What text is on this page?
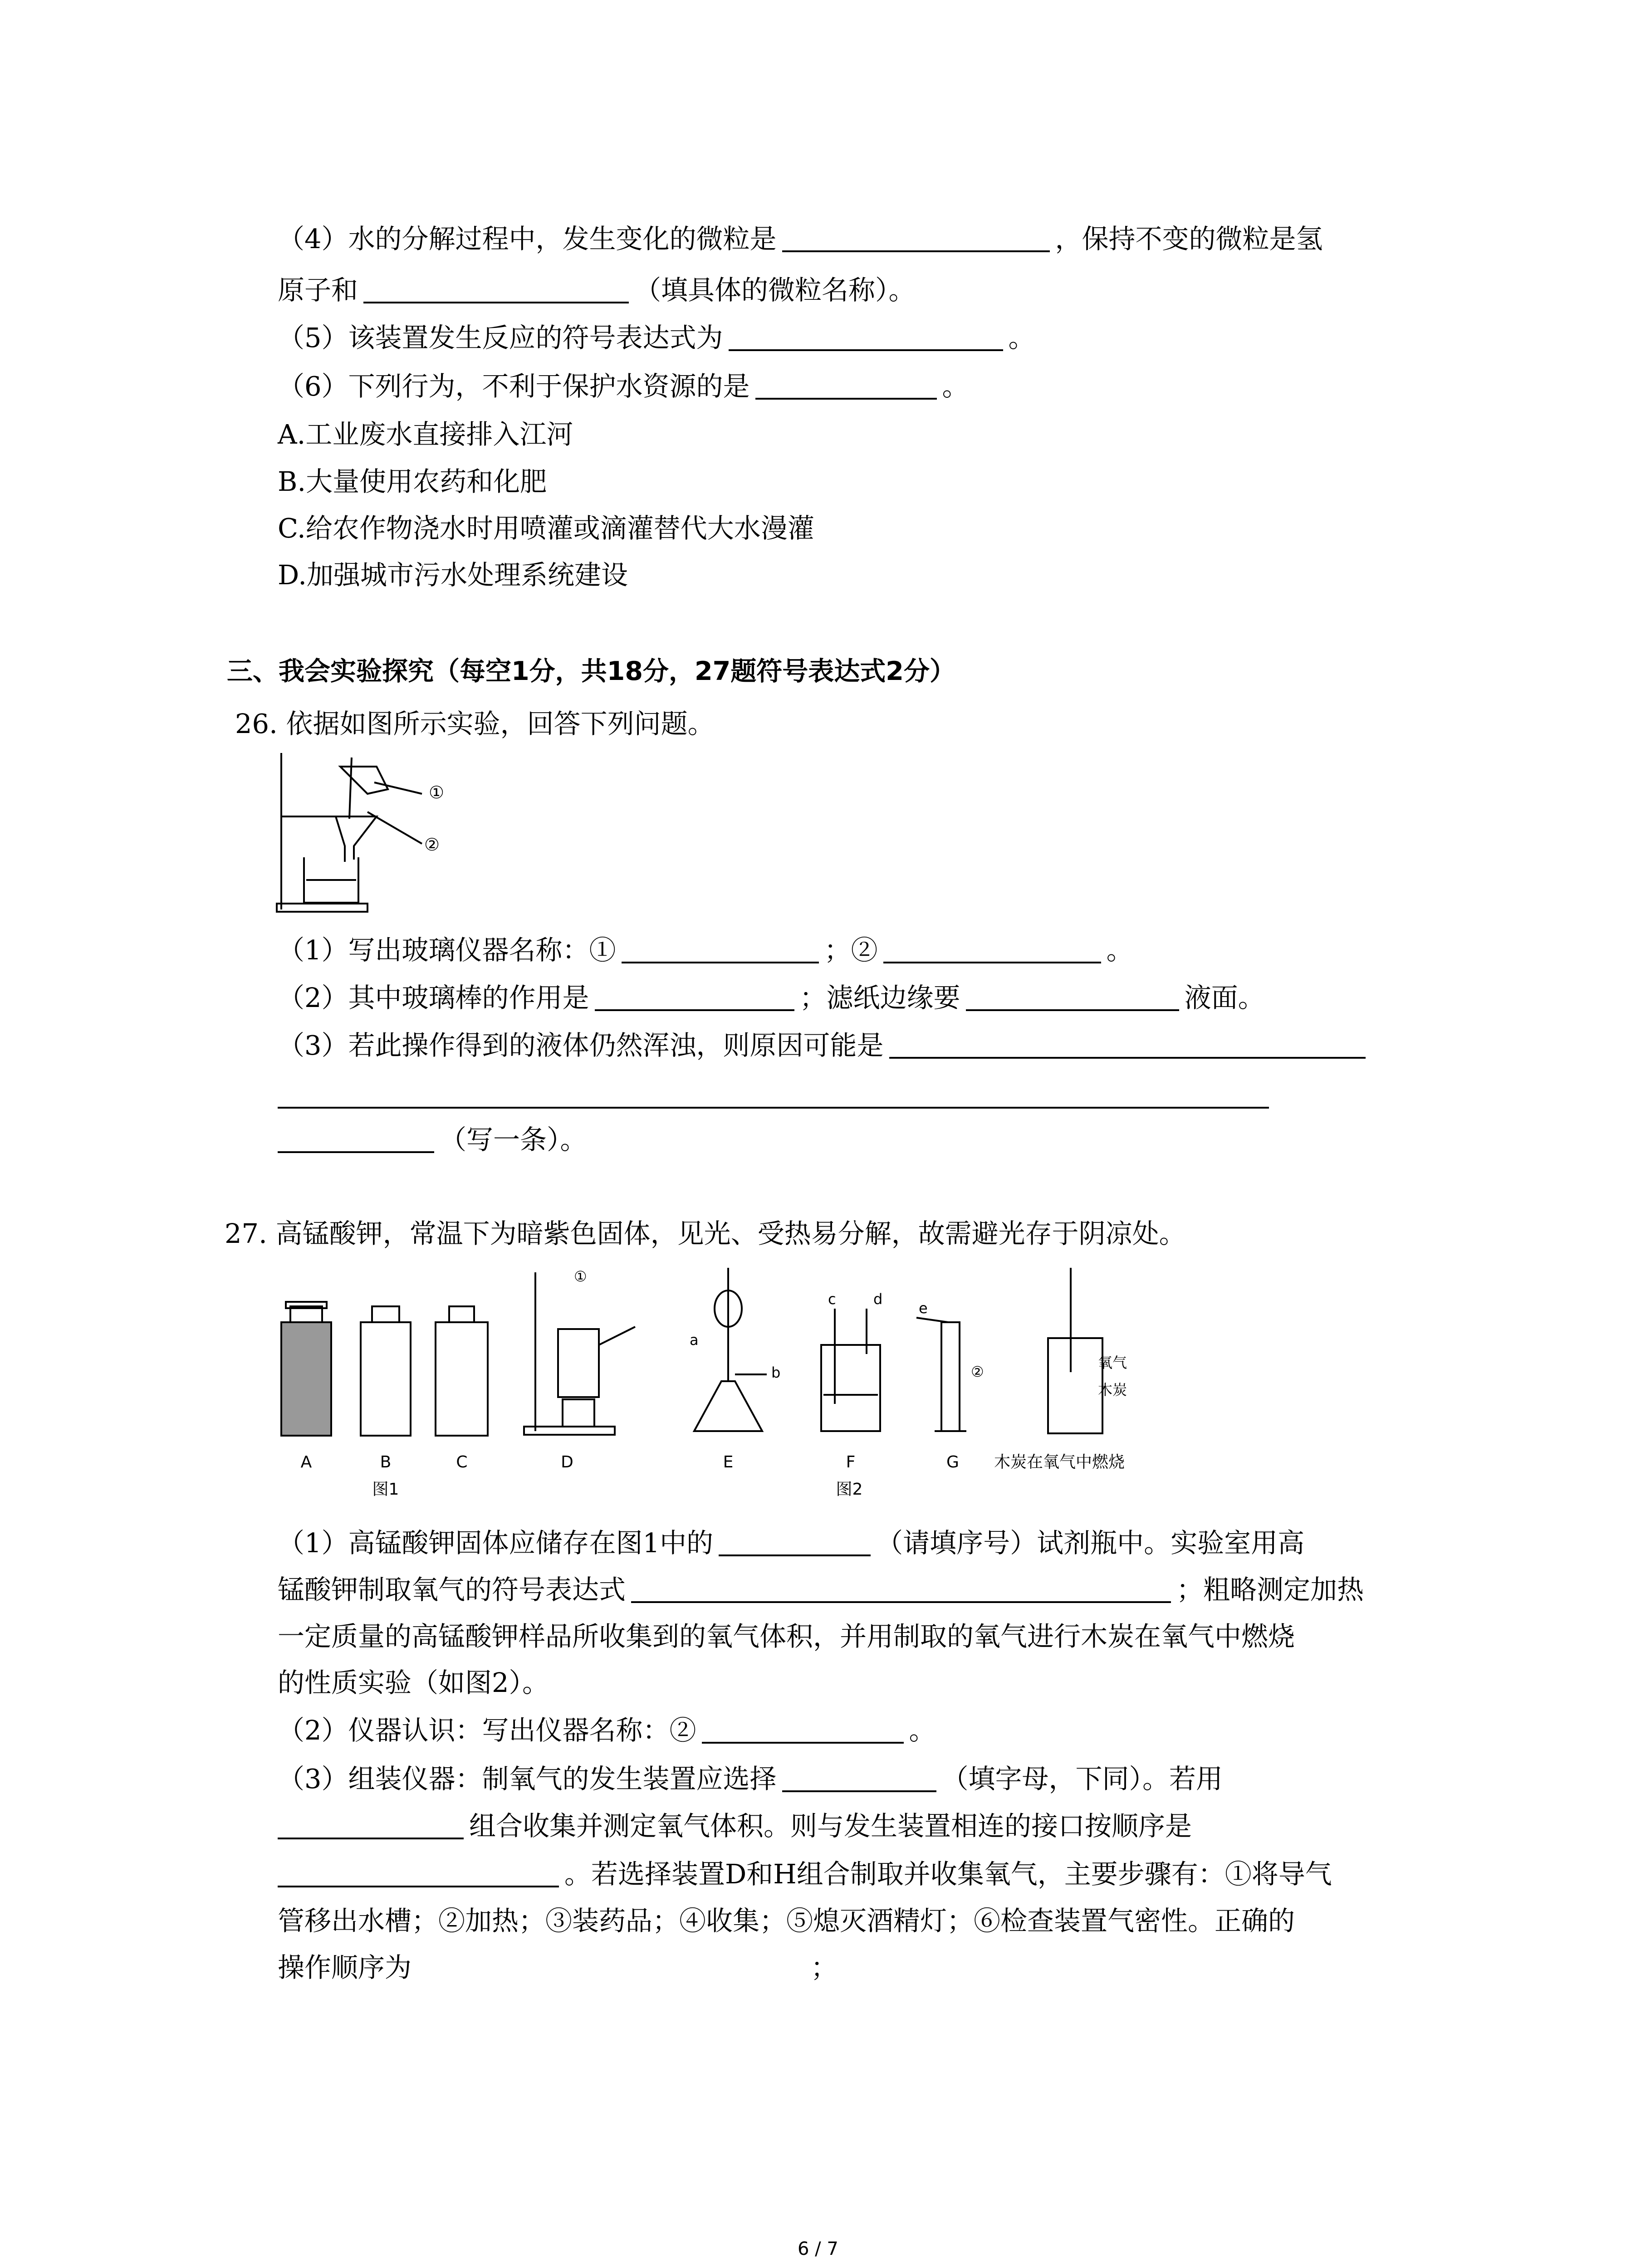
（4）水的分解过程中，发生变化的微粒是	，保持不变的微粒是氢
原子和	（填具体的微粒名称）。
（5）该装置发生反应的符号表达式为	。
（6）下列行为，不利于保护水资源的是	。
A.工业废水直接排入江河
B.大量使用农药和化肥
C.给农作物浇水时用喷灌或滴灌替代大水漫灌
D.加强城市污水处理系统建设
三、我会实验探究（每空1分，共18分，27题符号表达式2分）
26. 依据如图所示实验，回答下列问题。
①
②
（1）写出玻璃仪器名称：①	；②	。
（2）其中玻璃棒的作用是	；滤纸边缘要	液面。
（3）若此操作得到的液体仍然浑浊，则原因可能是
（写一条）。
27. 高锰酸钾，常温下为暗紫色固体，见光、受热易分解，故需避光存于阴凉处。
A	B	C
图1
D	E	F
图2
G 木炭在氧气中燃烧
①
②
a
b
c	d
e
氧气
木炭
（1）高锰酸钾固体应储存在图1中的	（请填序号）试剂瓶中。实验室用高
锰酸钾制取氧气的符号表达式	；粗略测定加热
一定质量的高锰酸钾样品所收集到的氧气体积，并用制取的氧气进行木炭在氧气中燃烧
的性质实验（如图2）。
（2）仪器认识：写出仪器名称：②	。
（3）组装仪器：制氧气的发生装置应选择	（填字母，下同）。若用
组合收集并测定氧气体积。则与发生装置相连的接口按顺序是
。若选择装置D和H组合制取并收集氧气，主要步骤有：①将导气
管移出水槽；②加热；③装药品；④收集；⑤熄灭酒精灯；⑥检查装置气密性。正确的
操作顺序为	；
6 / 7
